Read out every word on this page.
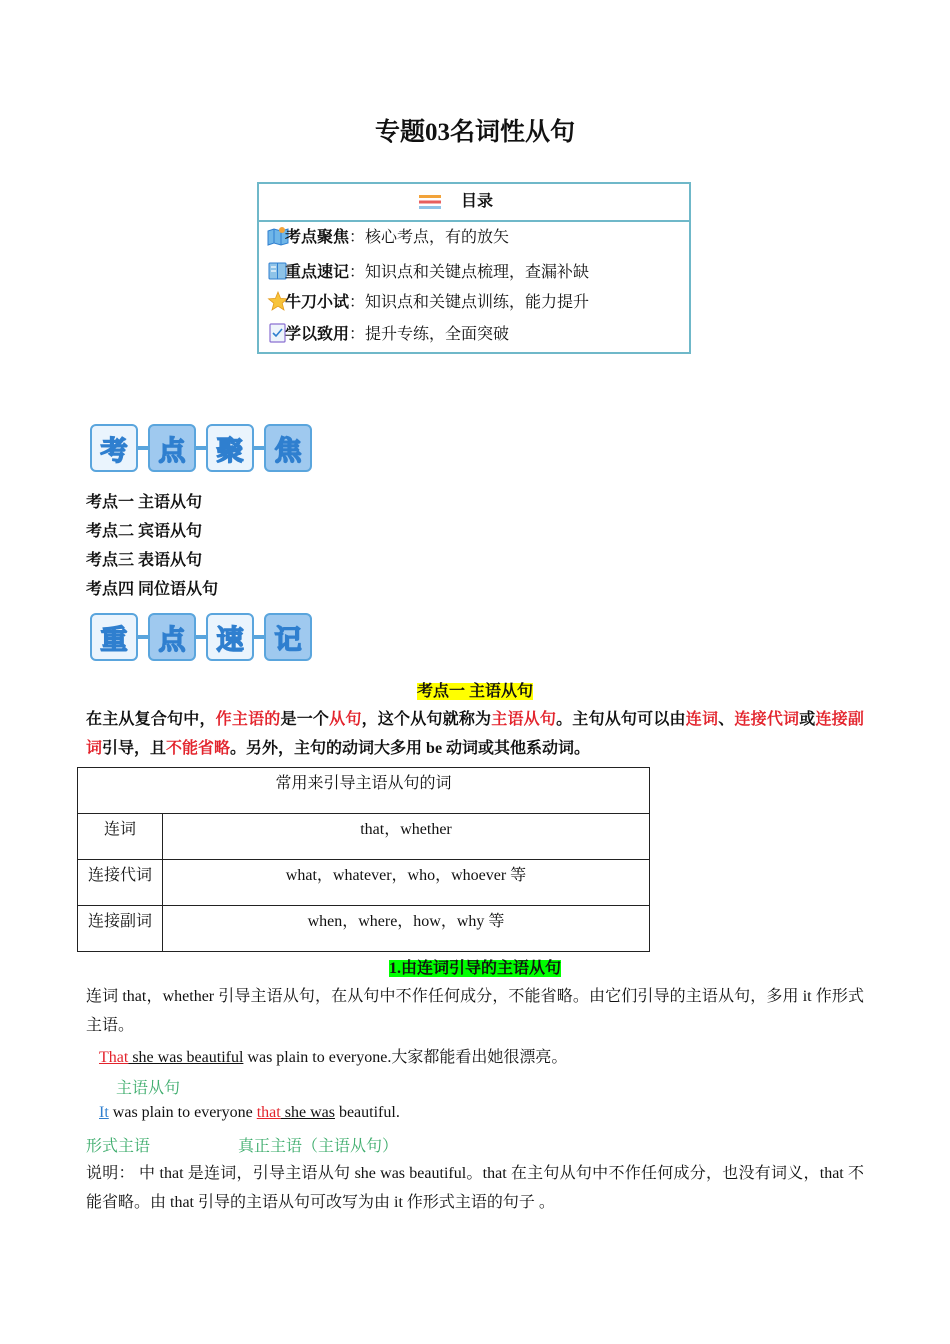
专题03名词性从句
目录
考点聚焦：核心考点，有的放矢
重点速记：知识点和关键点梳理，查漏补缺
牛刀小试：知识点和关键点训练，能力提升
学以致用：提升专练，全面突破
考	点	聚	焦
考点一 主语从句
考点二 宾语从句
考点三 表语从句
考点四 同位语从句
重	点	速	记
考点一 主语从句
在主从复合句中，作主语的是一个从句，这个从句就称为主语从句。主句从句可以由连词、连接代词或连接副词引导，且不能省略。另外，主句的动词大多用 be 动词或其他系动词。
常用来引导主语从句的词	
连词	that，whether
连接代词	what，whatever，who，whoever 等
连接副词	when，where，how，why 等
1.由连词引导的主语从句
连词 that，whether 引导主语从句，在从句中不作任何成分，不能省略。由它们引导的主语从句，多用 it 作形式主语。
That she was beautiful was plain to everyone.大家都能看出她很漂亮。
主语从句
It was plain to everyone that she was beautiful.
形式主语	真正主语（主语从句）
说明： 中 that 是连词，引导主语从句 she was beautiful。that 在主句从句中不作任何成分，也没有词义，that 不能省略。由 that 引导的主语从句可改写为由 it 作形式主语的句子 。
